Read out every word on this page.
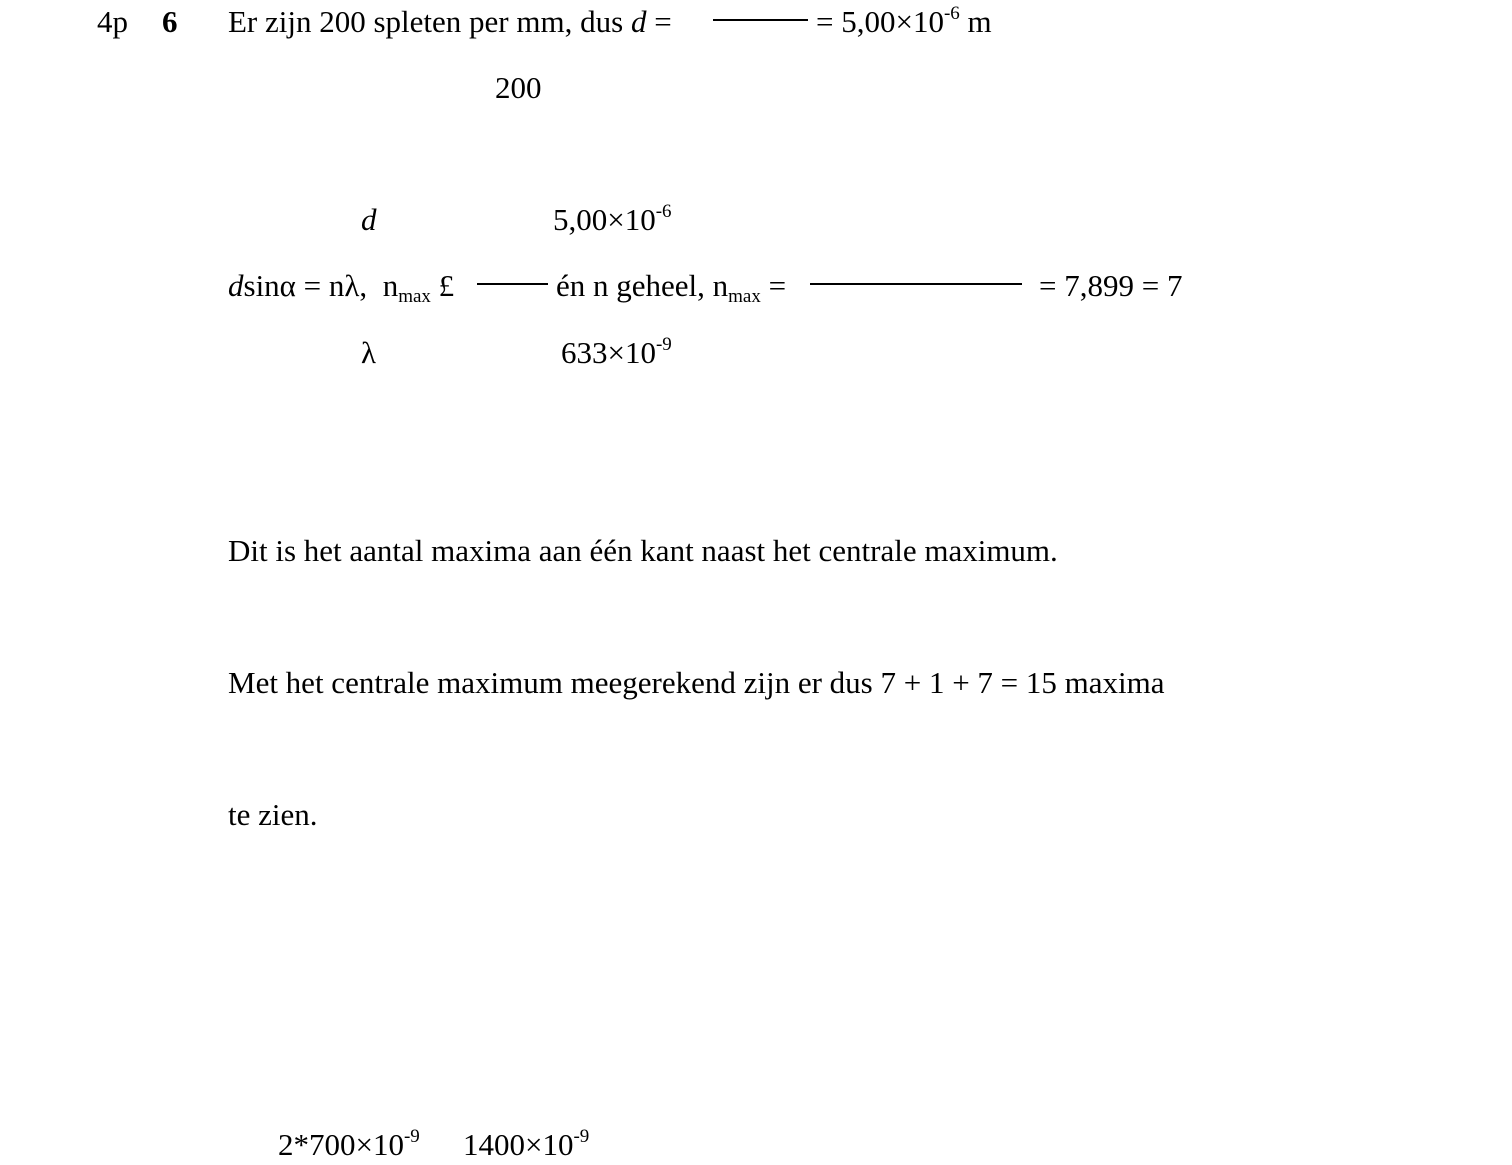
4p 6 Er zijn 200 spleten per mm, dus d =	= $5,00\times 10^{-6}$ m
200
d	$5,00\times 10^{-6}$
dsinα = nλ, $n_{max}$ £	én n geheel, $n_{max}$ =	= 7,899 = 7
λ	$633\times 10^{-9}$
Dit is het aantal maxima aan één kant naast het centrale maximum.
Met het centrale maximum meegerekend zijn er dus 7 + 1 + 7 = 15 maxima
te zien.
$2*700\times 10^{-9}$ $1400\times 10^{-9}$
